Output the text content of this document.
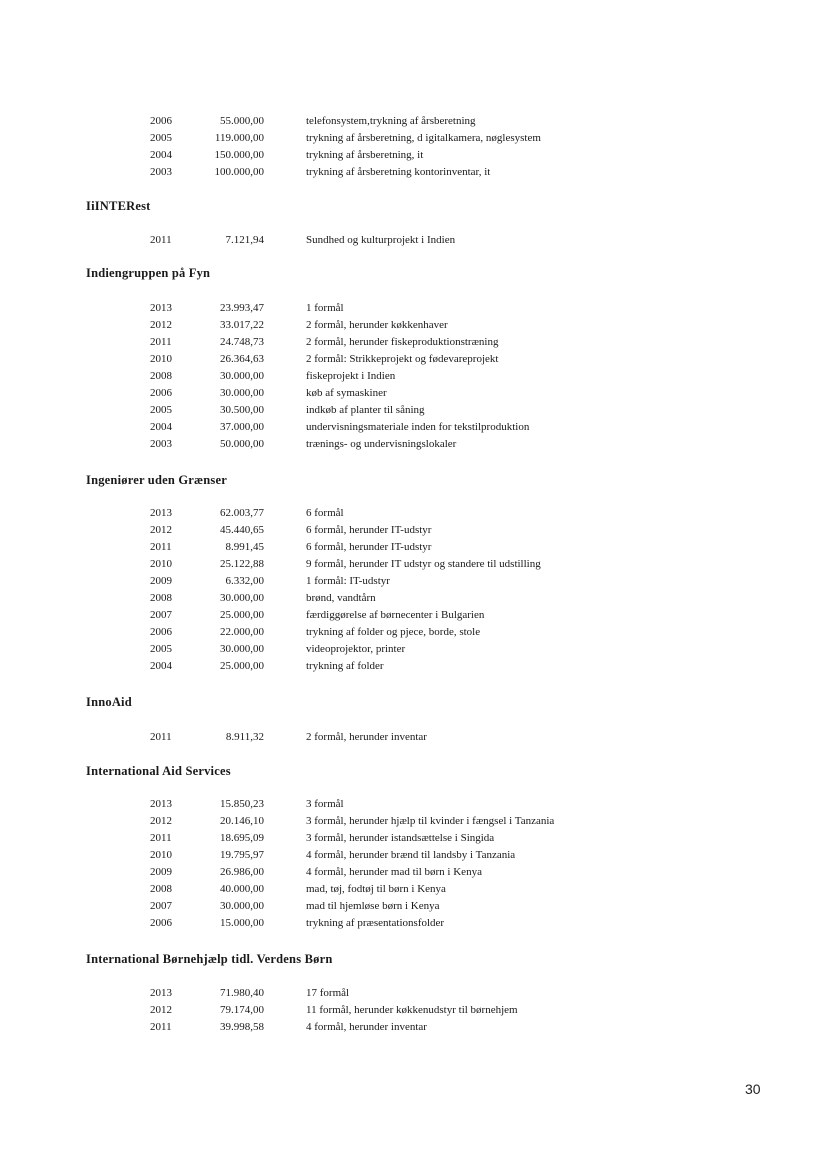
2006	55.000,00	telefonsystem,trykning af årsberetning
2005	119.000,00	trykning af årsberetning, d igitalkamera, nøglesystem
2004	150.000,00	trykning af årsberetning, it
2003	100.000,00	trykning af årsberetning kontorinventar, it
IiINTERest
2011	7.121,94	Sundhed og kulturprojekt i Indien
Indiengruppen på Fyn
2013	23.993,47	1 formål
2012	33.017,22	2 formål, herunder køkkenhaver
2011	24.748,73	2 formål, herunder fiskeproduktionstræning
2010	26.364,63	2 formål: Strikkeprojekt og fødevareprojekt
2008	30.000,00	fiskeprojekt i Indien
2006	30.000,00	køb af symaskiner
2005	30.500,00	indkøb af planter til såning
2004	37.000,00	undervisningsmateriale inden for tekstilproduktion
2003	50.000,00	trænings- og undervisningslokaler
Ingeniører uden Grænser
2013	62.003,77	6 formål
2012	45.440,65	6 formål, herunder IT-udstyr
2011	8.991,45	6 formål, herunder IT-udstyr
2010	25.122,88	9 formål, herunder IT udstyr og standere til udstilling
2009	6.332,00	1 formål: IT-udstyr
2008	30.000,00	brønd, vandtårn
2007	25.000,00	færdiggørelse af børnecenter i Bulgarien
2006	22.000,00	trykning af folder og pjece, borde, stole
2005	30.000,00	videoprojektor, printer
2004	25.000,00	trykning af folder
InnoAid
2011	8.911,32	2 formål, herunder inventar
International Aid Services
2013	15.850,23	3 formål
2012	20.146,10	3 formål, herunder hjælp til kvinder i fængsel i Tanzania
2011	18.695,09	3 formål, herunder istandsættelse i Singida
2010	19.795,97	4 formål, herunder brænd til landsby i Tanzania
2009	26.986,00	4 formål, herunder mad til børn i Kenya
2008	40.000,00	mad, tøj, fodtøj til børn i Kenya
2007	30.000,00	mad til hjemløse børn i Kenya
2006	15.000,00	trykning af præsentationsfolder
International Børnehjælp tidl. Verdens Børn
2013	71.980,40	17 formål
2012	79.174,00	11 formål, herunder køkkenudstyr til børnehjem
2011	39.998,58	4 formål, herunder inventar
30
